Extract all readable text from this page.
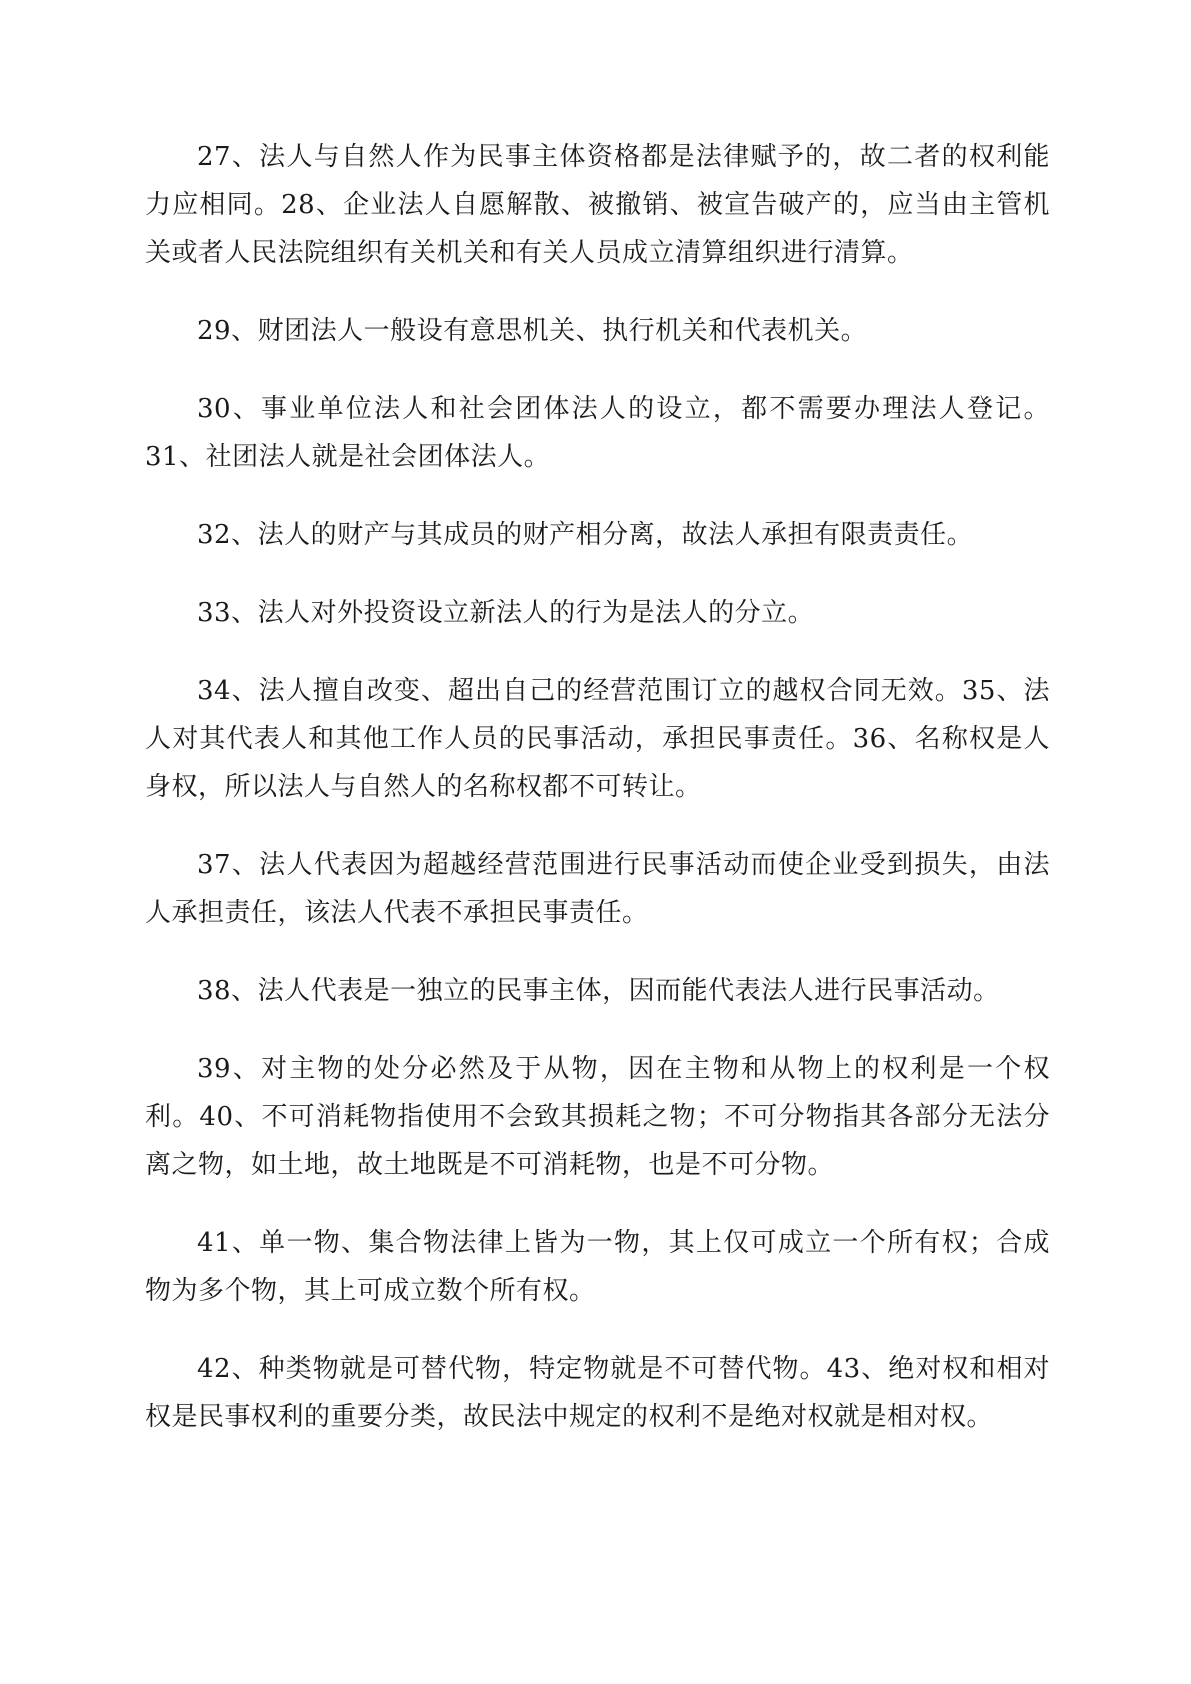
27、法人与自然人作为民事主体资格都是法律赋予的，故二者的权利能力应相同。28、企业法人自愿解散、被撤销、被宣告破产的，应当由主管机关或者人民法院组织有关机关和有关人员成立清算组织进行清算。

29、财团法人一般设有意思机关、执行机关和代表机关。

30、事业单位法人和社会团体法人的设立，都不需要办理法人登记。31、社团法人就是社会团体法人。

32、法人的财产与其成员的财产相分离，故法人承担有限责责任。

33、法人对外投资设立新法人的行为是法人的分立。

34、法人擅自改变、超出自己的经营范围订立的越权合同无效。35、法人对其代表人和其他工作人员的民事活动，承担民事责任。36、名称权是人身权，所以法人与自然人的名称权都不可转让。

37、法人代表因为超越经营范围进行民事活动而使企业受到损失，由法人承担责任，该法人代表不承担民事责任。

38、法人代表是一独立的民事主体，因而能代表法人进行民事活动。

39、对主物的处分必然及于从物，因在主物和从物上的权利是一个权利。40、不可消耗物指使用不会致其损耗之物；不可分物指其各部分无法分离之物，如土地，故土地既是不可消耗物，也是不可分物。

41、单一物、集合物法律上皆为一物，其上仅可成立一个所有权；合成物为多个物，其上可成立数个所有权。

42、种类物就是可替代物，特定物就是不可替代物。43、绝对权和相对权是民事权利的重要分类，故民法中规定的权利不是绝对权就是相对权。
